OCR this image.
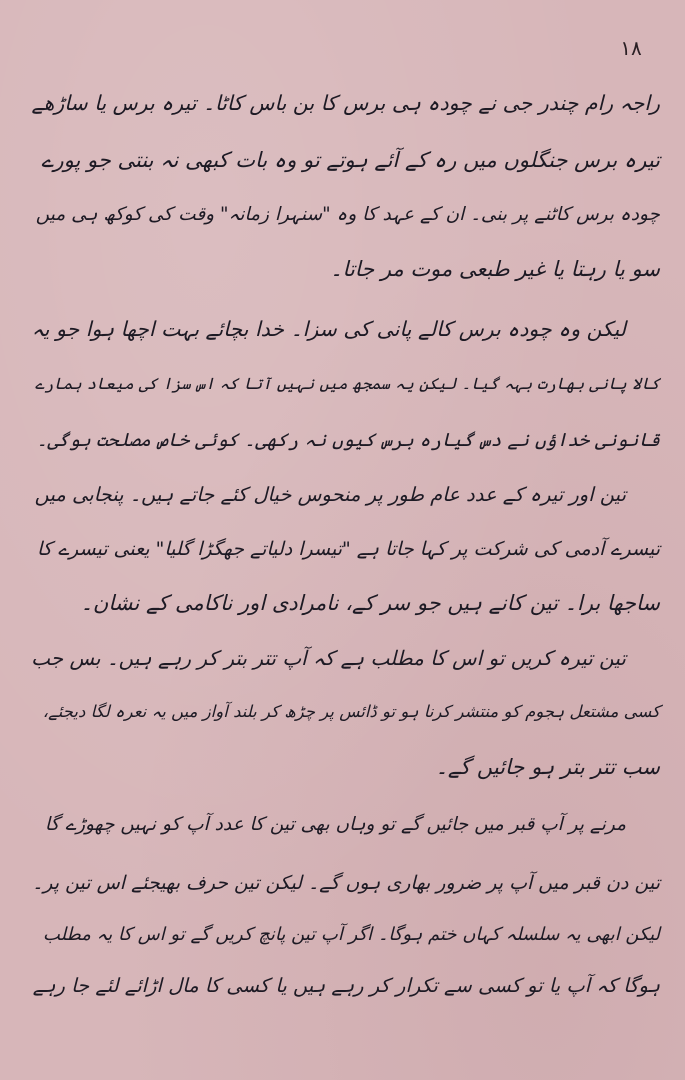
١٨
راجہ رام چندر جی نے چودہ ہی برس کا بن باس کاٹا۔ تیرہ برس یا ساڑھے
تیرہ برس جنگلوں میں رہ کے آئے ہوتے تو وہ بات کبھی نہ بنتی جو پورے
چودہ برس کاٹنے پر بنی۔ ان کے عہد کا وہ "سنہرا زمانہ" وقت کی کوکھ ہی میں
سو یا رہتا یا غیر طبعی موت مر جاتا۔
لیکن وہ چودہ برس کالے پانی کی سزا۔ خدا بچائے بہت اچھا ہوا جو یہ
کالا پانی بھارت بہہ گیا۔ لیکن یہ سمجھ میں نہیں آتا کہ اس سزا کی میعاد ہمارے
قانونی خداؤں نے دس گیارہ برس کیوں نہ رکھی۔ کوئی خاص مصلحت ہوگی۔
تین اور تیرہ کے عدد عام طور پر منحوس خیال کئے جاتے ہیں۔ پنجابی میں
تیسرے آدمی کی شرکت پر کہا جاتا ہے "تیسرا دلیاتے جھگڑا گلیا" یعنی تیسرے کا
ساجھا برا۔ تین کانے ہیں جو سر کے، نامرادی اور ناکامی کے نشان۔
تین تیرہ کریں تو اس کا مطلب ہے کہ آپ تتر بتر کر رہے ہیں۔ بس جب
کسی مشتعل ہجوم کو منتشر کرنا ہو تو ڈائس پر چڑھ کر بلند آواز میں یہ نعرہ لگا دیجئے،
سب تتر بتر ہو جائیں گے۔
مرنے پر آپ قبر میں جائیں گے تو وہاں بھی تین کا عدد آپ کو نہیں چھوڑے گا
تین دن قبر میں آپ پر ضرور بھاری ہوں گے۔ لیکن تین حرف بھیجئے اس تین پر۔
لیکن ابھی یہ سلسلہ کہاں ختم ہوگا۔ اگر آپ تین پانچ کریں گے تو اس کا یہ مطلب
ہوگا کہ آپ یا تو کسی سے تکرار کر رہے ہیں یا کسی کا مال اڑائے لئے جا رہے
